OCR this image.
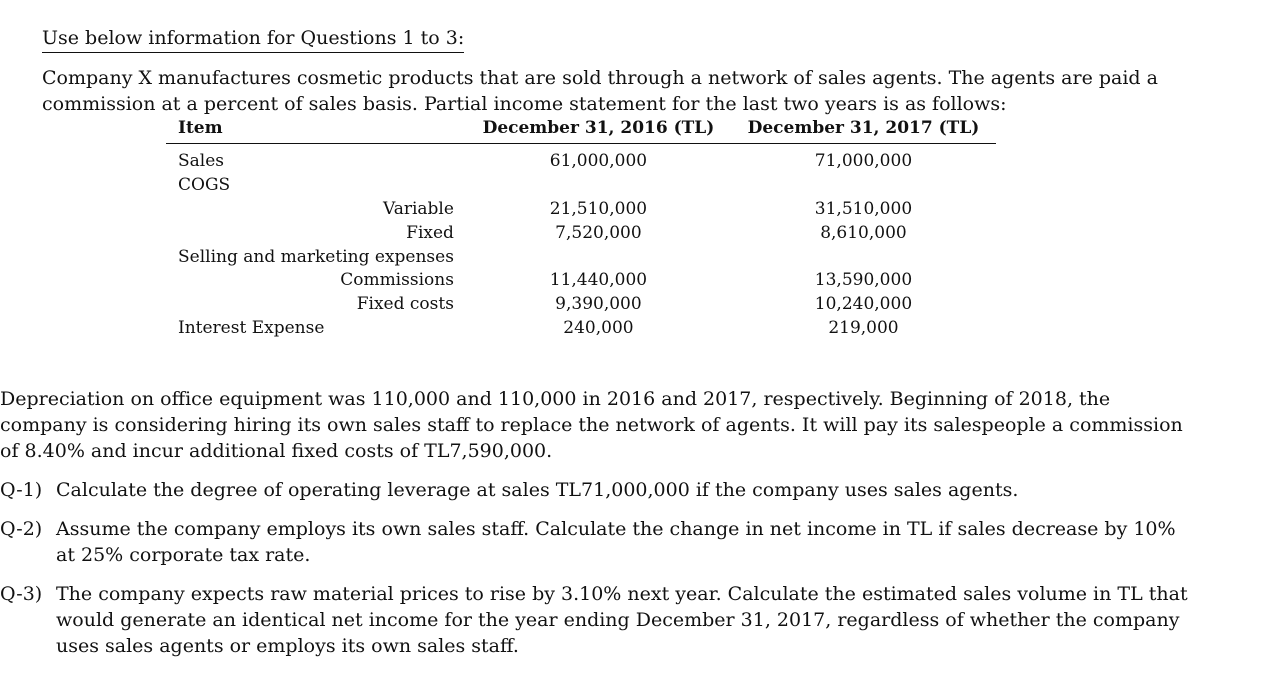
Use below information for Questions 1 to 3:

Company X manufactures cosmetic products that are sold through a network of sales agents. The agents are paid a commission at a percent of sales basis. Partial income statement for the last two years is as follows:

Item	December 31, 2016 (TL)	December 31, 2017 (TL)
Sales	61,000,000	71,000,000
COGS		
Variable	21,510,000	31,510,000
Fixed	7,520,000	8,610,000
Selling and marketing expenses		
Commissions	11,440,000	13,590,000
Fixed costs	9,390,000	10,240,000
Interest Expense	240,000	219,000

Depreciation on office equipment was 110,000 and 110,000 in 2016 and 2017, respectively. Beginning of 2018, the company is considering hiring its own sales staff to replace the network of agents. It will pay its salespeople a commission of 8.40% and incur additional fixed costs of TL7,590,000.

Q-1) Calculate the degree of operating leverage at sales TL71,000,000 if the company uses sales agents.
Q-2) Assume the company employs its own sales staff. Calculate the change in net income in TL if sales decrease by 10% at 25% corporate tax rate.
Q-3) The company expects raw material prices to rise by 3.10% next year. Calculate the estimated sales volume in TL that would generate an identical net income for the year ending December 31, 2017, regardless of whether the company uses sales agents or employs its own sales staff.
